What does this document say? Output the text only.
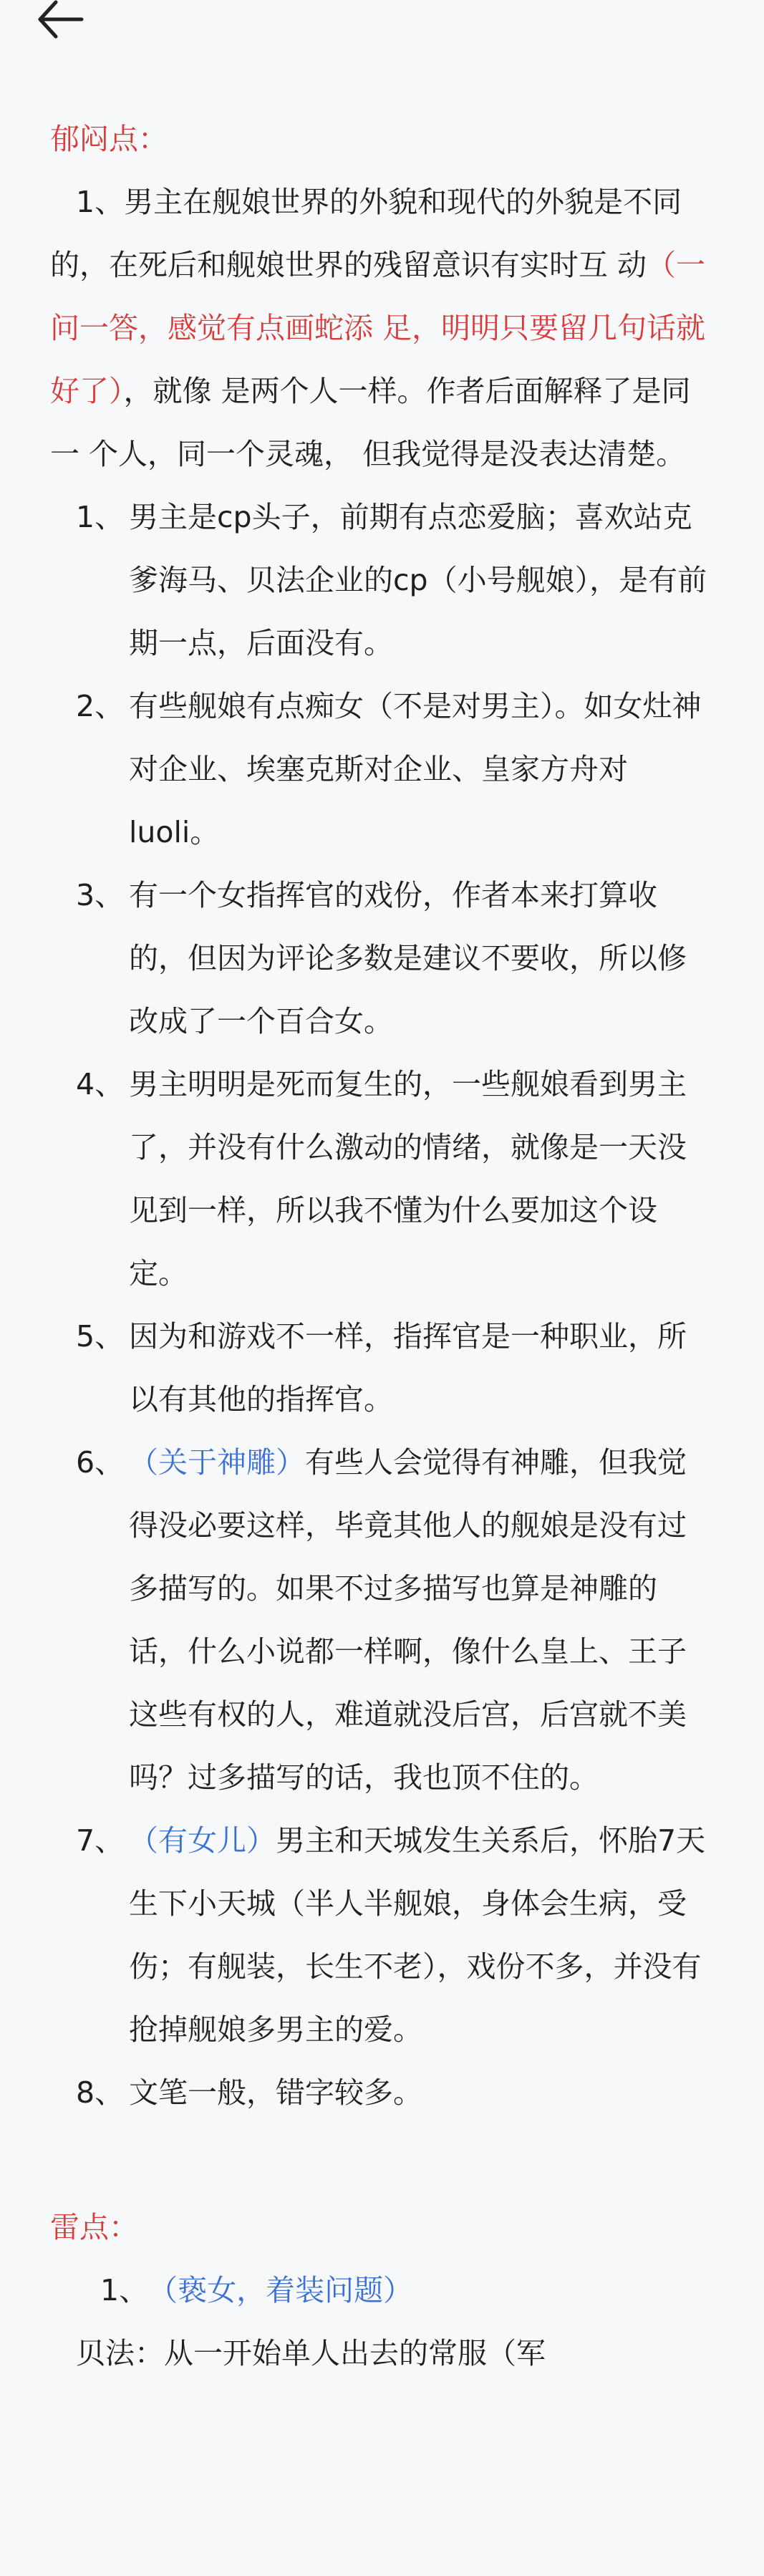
郁闷点：

1、男主在舰娘世界的外貌和现代的外貌是不同的，在死后和舰娘世界的残留意识有实时互 动（一问一答，感觉有点画蛇添 足，明明只要留几句话就好了），就像 是两个人一样。作者后面解释了是同一 个人，同一个灵魂， 但我觉得是没表达清楚。

1、 男主是cp头子，前期有点恋爱脑；喜欢站克爹海马、贝法企业的cp（小号舰娘），是有前期一点，后面没有。
2、 有些舰娘有点痴女（不是对男主）。如女灶神对企业、埃塞克斯对企业、皇家方舟对luoli。
3、 有一个女指挥官的戏份，作者本来打算收的，但因为评论多数是建议不要收，所以修改成了一个百合女。
4、 男主明明是死而复生的，一些舰娘看到男主了，并没有什么激动的情绪，就像是一天没见到一样，所以我不懂为什么要加这个设定。
5、 因为和游戏不一样，指挥官是一种职业，所以有其他的指挥官。
6、 （关于神雕）有些人会觉得有神雕，但我觉得没必要这样，毕竟其他人的舰娘是没有过多描写的。如果不过多描写也算是神雕的话，什么小说都一样啊，像什么皇上、王子这些有权的人，难道就没后宫，后宫就不美吗？过多描写的话，我也顶不住的。
7、 （有女儿）男主和天城发生关系后，怀胎7天生下小天城（半人半舰娘，身体会生病，受伤；有舰装，长生不老），戏份不多，并没有抢掉舰娘多男主的爱。
8、 文笔一般，错字较多。

雷点：

1、 （亵女，着装问题）

贝法：从一开始单人出去的常服（军
